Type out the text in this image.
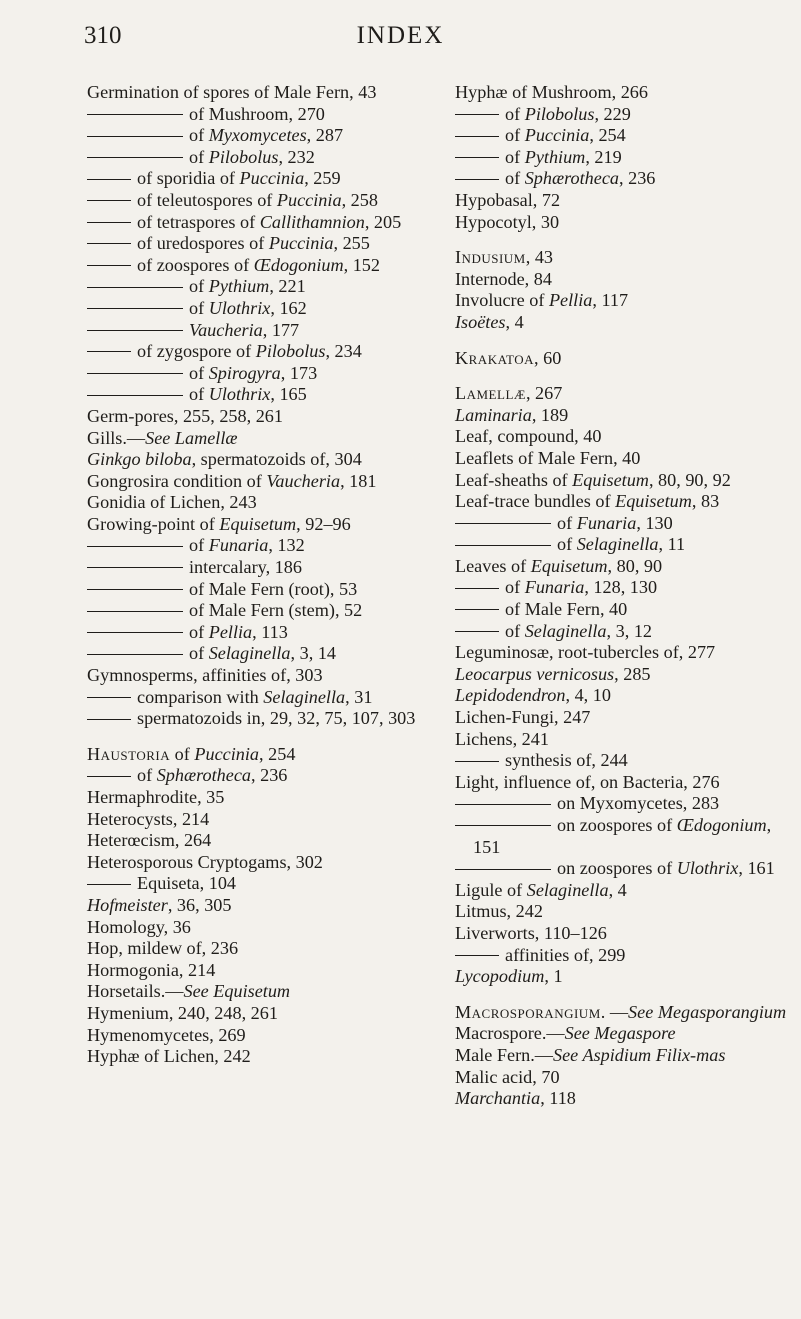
310	INDEX
Germination of spores of Male Fern, 43
of Mushroom, 270
of Myxomycetes, 287
of Pilobolus, 232
of sporidia of Puccinia, 259
of teleutospores of Puccinia, 258
of tetraspores of Callithamnion, 205
of uredospores of Puccinia, 255
of zoospores of Œdogonium, 152
of Pythium, 221
of Ulothrix, 162
Vaucheria, 177
of zygospore of Pilobolus, 234
of Spirogyra, 173
of Ulothrix, 165
Germ-pores, 255, 258, 261
Gills.—See Lamellæ
Ginkgo biloba, spermatozoids of, 304
Gongrosira condition of Vaucheria, 181
Gonidia of Lichen, 243
Growing-point of Equisetum, 92–96
of Funaria, 132
intercalary, 186
of Male Fern (root), 53
of Male Fern (stem), 52
of Pellia, 113
of Selaginella, 3, 14
Gymnosperms, affinities of, 303
comparison with Selaginella, 31
spermatozoids in, 29, 32, 75, 107, 303
Haustoria of Puccinia, 254
of Sphærotheca, 236
Hermaphrodite, 35
Heterocysts, 214
Heterœcism, 264
Heterosporous Cryptogams, 302
Equiseta, 104
Hofmeister, 36, 305
Homology, 36
Hop, mildew of, 236
Hormogonia, 214
Horsetails.—See Equisetum
Hymenium, 240, 248, 261
Hymenomycetes, 269
Hyphæ of Lichen, 242
Hyphæ of Mushroom, 266
of Pilobolus, 229
of Puccinia, 254
of Pythium, 219
of Sphærotheca, 236
Hypobasal, 72
Hypocotyl, 30
Indusium, 43
Internode, 84
Involucre of Pellia, 117
Isoëtes, 4
Krakatoa, 60
Lamellæ, 267
Laminaria, 189
Leaf, compound, 40
Leaflets of Male Fern, 40
Leaf-sheaths of Equisetum, 80, 90, 92
Leaf-trace bundles of Equisetum, 83
of Funaria, 130
of Selaginella, 11
Leaves of Equisetum, 80, 90
of Funaria, 128, 130
of Male Fern, 40
of Selaginella, 3, 12
Leguminosæ, root-tubercles of, 277
Leocarpus vernicosus, 285
Lepidodendron, 4, 10
Lichen-Fungi, 247
Lichens, 241
synthesis of, 244
Light, influence of, on Bacteria, 276
on Myxomycetes, 283
on zoospores of Œdogonium, 151
on zoospores of Ulothrix, 161
Ligule of Selaginella, 4
Litmus, 242
Liverworts, 110–126
affinities of, 299
Lycopodium, 1
Macrosporangium. —See Megasporangium
Macrospore.—See Megaspore
Male Fern.—See Aspidium Filix-mas
Malic acid, 70
Marchantia, 118
